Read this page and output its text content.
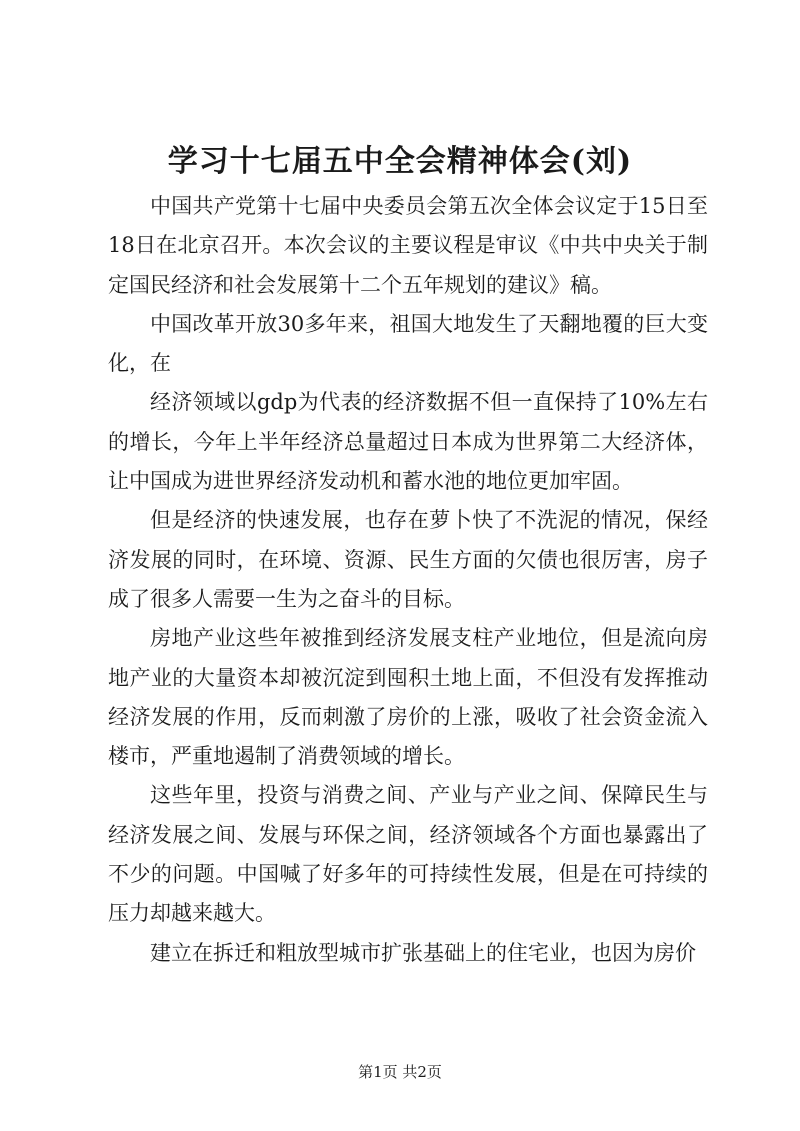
学习十七届五中全会精神体会(刘)

中国共产党第十七届中央委员会第五次全体会议定于15日至18日在北京召开。本次会议的主要议程是审议《中共中央关于制定国民经济和社会发展第十二个五年规划的建议》稿。

中国改革开放30多年来，祖国大地发生了天翻地覆的巨大变化，在

经济领域以gdp为代表的经济数据不但一直保持了10%左右的增长，今年上半年经济总量超过日本成为世界第二大经济体，让中国成为进世界经济发动机和蓄水池的地位更加牢固。

但是经济的快速发展，也存在萝卜快了不洗泥的情况，保经济发展的同时，在环境、资源、民生方面的欠债也很厉害，房子成了很多人需要一生为之奋斗的目标。

房地产业这些年被推到经济发展支柱产业地位，但是流向房地产业的大量资本却被沉淀到囤积土地上面，不但没有发挥推动经济发展的作用，反而刺激了房价的上涨，吸收了社会资金流入楼市，严重地遏制了消费领域的增长。

这些年里，投资与消费之间、产业与产业之间、保障民生与经济发展之间、发展与环保之间，经济领域各个方面也暴露出了不少的问题。中国喊了好多年的可持续性发展，但是在可持续的压力却越来越大。

建立在拆迁和粗放型城市扩张基础上的住宅业，也因为房价

第1页 共2页
